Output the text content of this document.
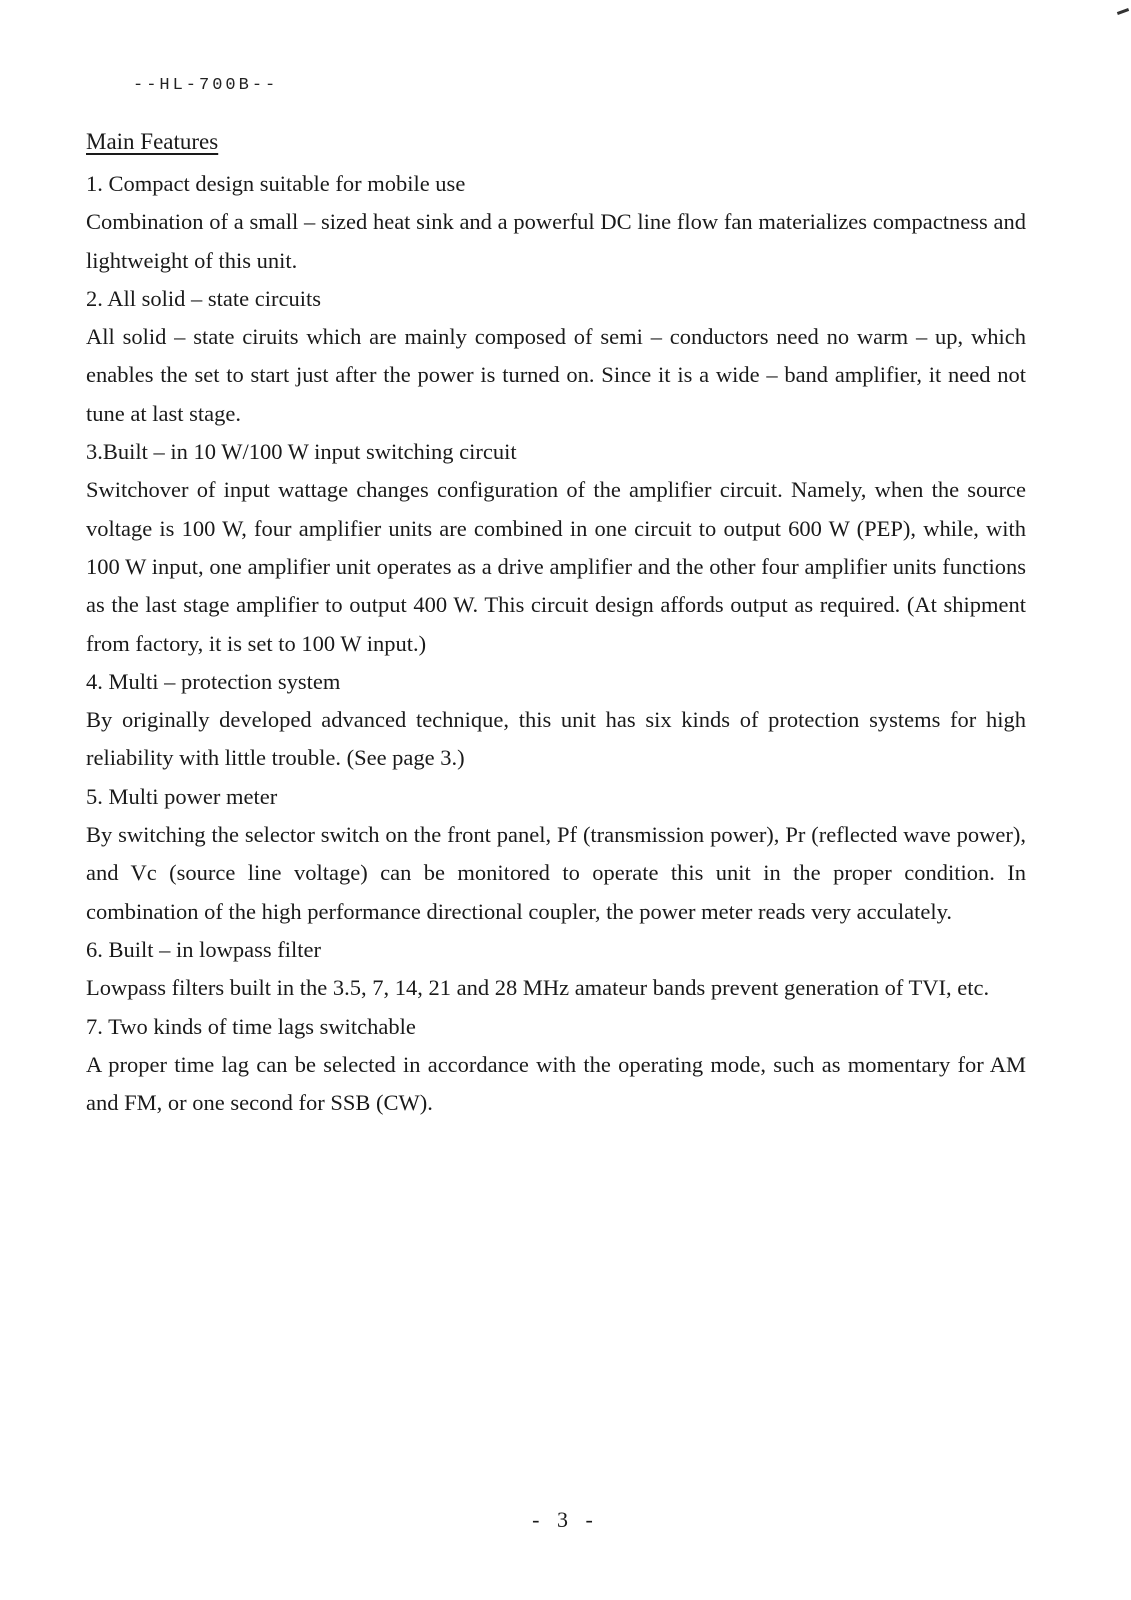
--HL-700B--
Main Features
1. Compact design suitable for mobile use
Combination of a small – sized heat sink and a powerful DC line flow fan materializes compactness and lightweight of this unit.
2. All solid – state circuits
All solid – state ciruits which are mainly composed of semi – conductors need no warm – up, which enables the set to start just after the power is turned on. Since it is a wide – band amplifier, it need not tune at last stage.
3.Built – in 10 W/100 W input switching circuit
Switchover of input wattage changes configuration of the amplifier circuit. Namely, when the source voltage is 100 W, four amplifier units are combined in one circuit to output 600 W (PEP), while, with 100 W input, one amplifier unit operates as a drive amplifier and the other four amplifier units functions as the last stage amplifier to output 400 W. This circuit design affords output as required. (At shipment from factory, it is set to 100 W input.)
4. Multi – protection system
By originally developed advanced technique, this unit has six kinds of protection systems for high reliability with little trouble. (See page 3.)
5. Multi power meter
By switching the selector switch on the front panel, Pf (transmission power), Pr (reflected wave power), and Vc (source line voltage) can be monitored to operate this unit in the proper condition. In combination of the high performance directional coupler, the power meter reads very acculately.
6. Built – in lowpass filter
Lowpass filters built in the 3.5, 7, 14, 21 and 28 MHz amateur bands prevent generation of TVI, etc.
7. Two kinds of time lags switchable
A proper time lag can be selected in accordance with the operating mode, such as momentary for AM and FM, or one second for SSB (CW).
- 3 -
